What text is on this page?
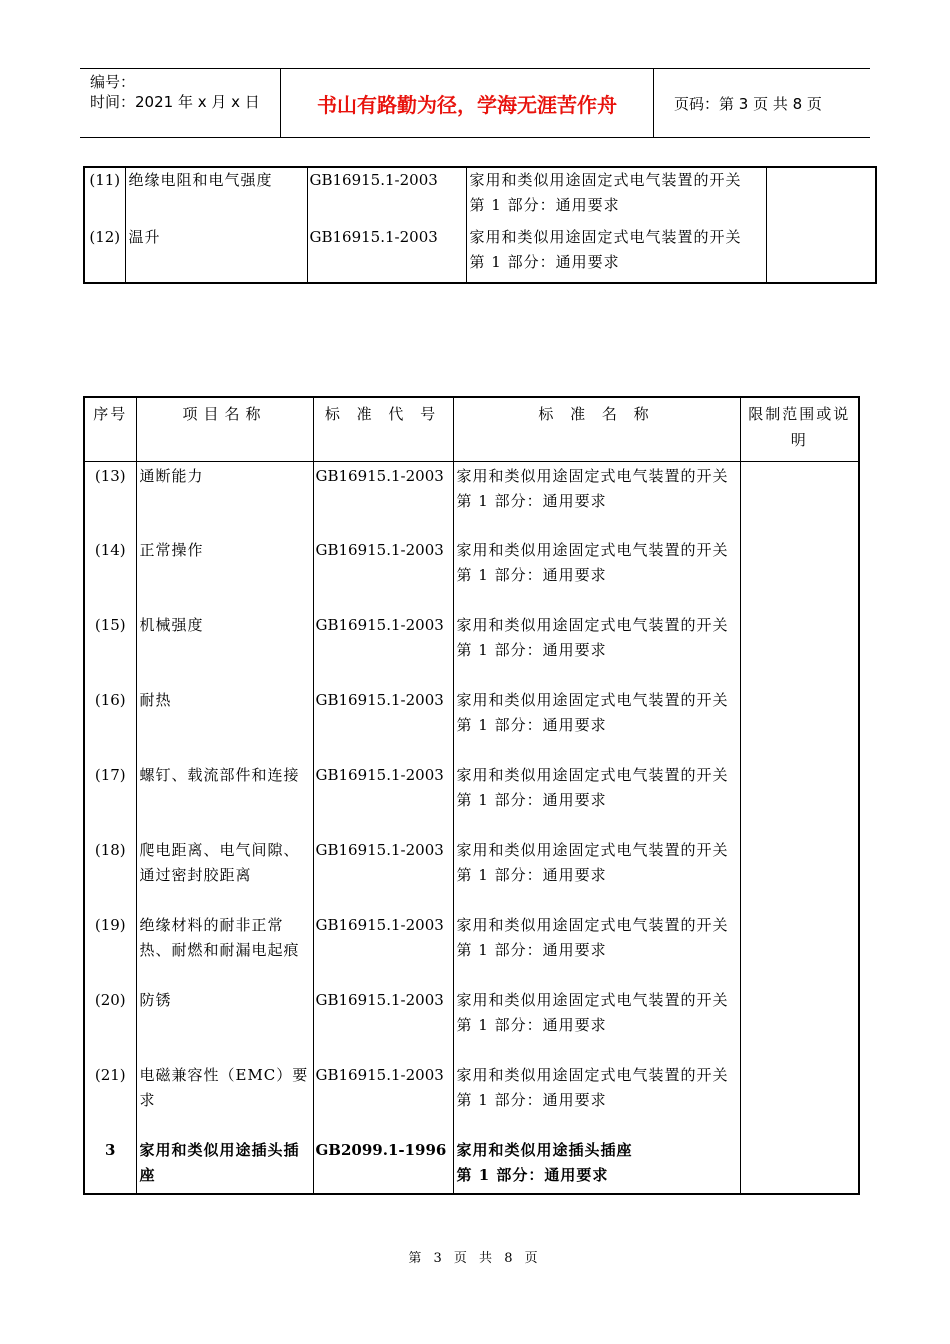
编号：
时间：2021 年 x 月 x 日	书山有路勤为径，学海无涯苦作舟	页码：第 3 页 共 8 页
(11)	绝缘电阻和电气强度	GB16915.1-2003	家用和类似用途固定式电气装置的开关
第 1 部分：通用要求	

(12)	温升	GB16915.1-2003	家用和类似用途固定式电气装置的开关
第 1 部分：通用要求	

序号	项目名称	标 准 代 号	标 准 名 称	限制范围或说明
(13)	通断能力	GB16915.1-2003	家用和类似用途固定式电气装置的开关
第 1 部分：通用要求	

(14)	正常操作	GB16915.1-2003	家用和类似用途固定式电气装置的开关
第 1 部分：通用要求	

(15)	机械强度	GB16915.1-2003	家用和类似用途固定式电气装置的开关
第 1 部分：通用要求	

(16)	耐热	GB16915.1-2003	家用和类似用途固定式电气装置的开关
第 1 部分：通用要求	

(17)	螺钉、载流部件和连接	GB16915.1-2003	家用和类似用途固定式电气装置的开关
第 1 部分：通用要求	

(18)	爬电距离、电气间隙、通过密封胶距离	GB16915.1-2003	家用和类似用途固定式电气装置的开关
第 1 部分：通用要求	

(19)	绝缘材料的耐非正常热、耐燃和耐漏电起痕	GB16915.1-2003	家用和类似用途固定式电气装置的开关
第 1 部分：通用要求	

(20)	防锈	GB16915.1-2003	家用和类似用途固定式电气装置的开关
第 1 部分：通用要求	

(21)	电磁兼容性（EMC）要求	GB16915.1-2003	家用和类似用途固定式电气装置的开关
第 1 部分：通用要求	

3	家用和类似用途插头插座	GB2099.1-1996	家用和类似用途插头插座
第 1 部分：通用要求	

第 3 页 共 8 页
